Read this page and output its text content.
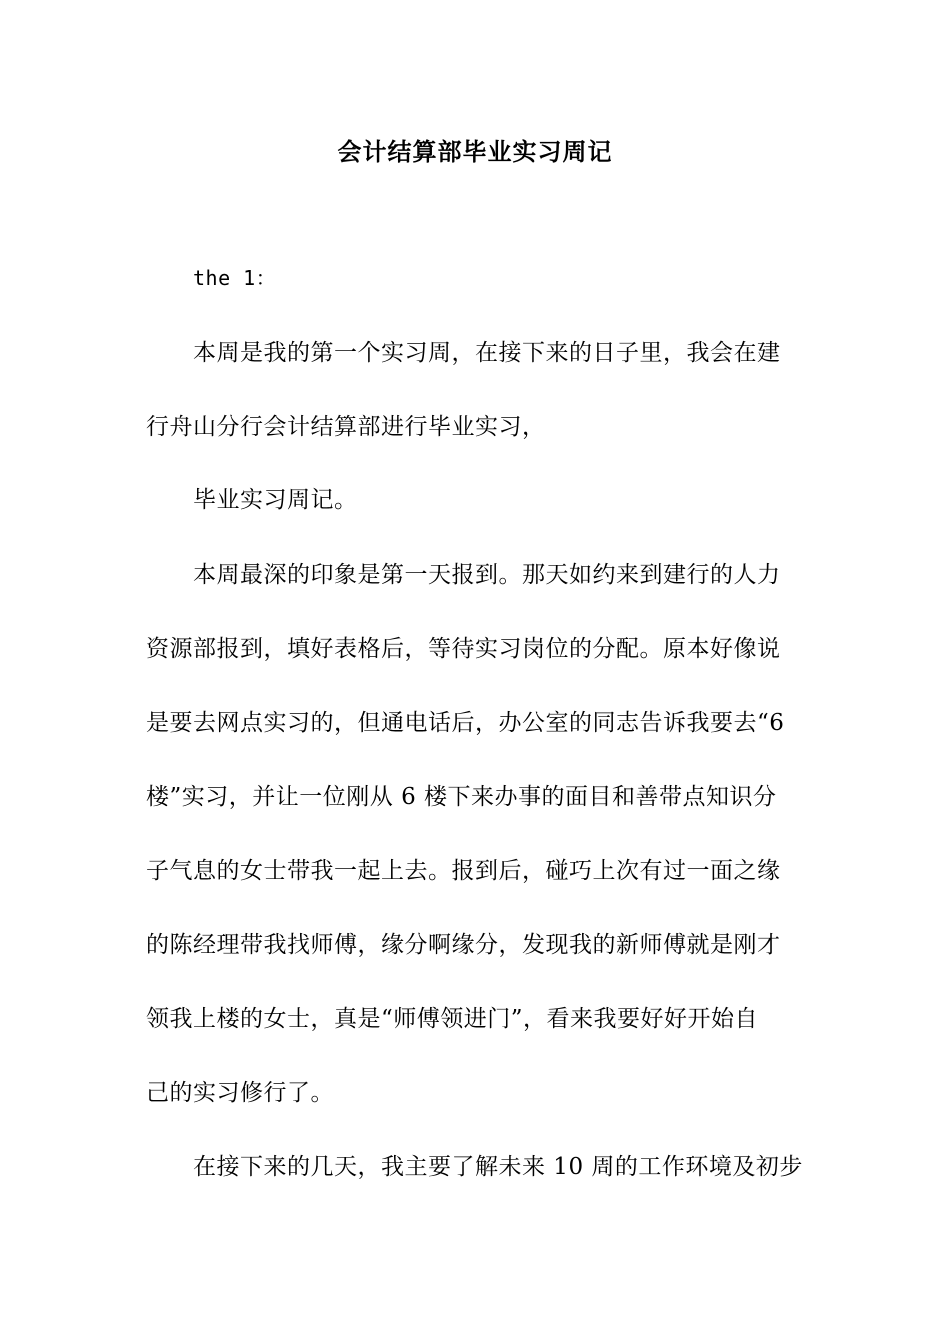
会计结算部毕业实习周记
the 1：
本周是我的第一个实习周，在接下来的日子里，我会在建
行舟山分行会计结算部进行毕业实习，
毕业实习周记。
本周最深的印象是第一天报到。那天如约来到建行的人力
资源部报到，填好表格后，等待实习岗位的分配。原本好像说
是要去网点实习的，但通电话后，办公室的同志告诉我要去“6
楼”实习，并让一位刚从 6 楼下来办事的面目和善带点知识分
子气息的女士带我一起上去。报到后，碰巧上次有过一面之缘
的陈经理带我找师傅，缘分啊缘分，发现我的新师傅就是刚才
领我上楼的女士，真是“师傅领进门”，看来我要好好开始自
己的实习修行了。
在接下来的几天，我主要了解未来 10 周的工作环境及初步
